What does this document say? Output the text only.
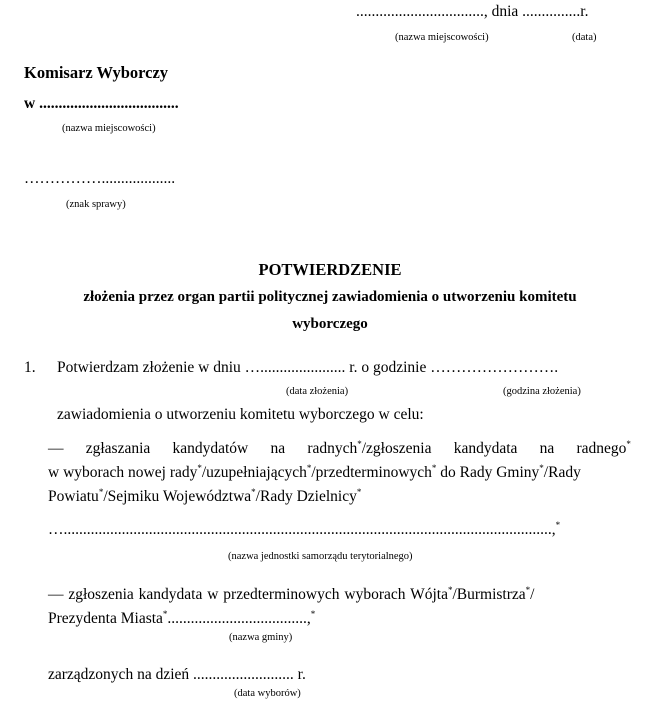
................................., dnia ...............r.
(nazwa miejscowości)	(data)
Komisarz Wyborczy
w ....................................
(nazwa miejscowości)
……………...................
(znak sprawy)
POTWIERDZENIE
złożenia przez organ partii politycznej zawiadomienia o utworzeniu komitetu
wyborczego
1. Potwierdzam złożenie w dniu …...................... r. o godzinie …………………….
(data złożenia)	(godzina złożenia)
zawiadomienia o utworzeniu komitetu wyborczego w celu:
— zgłaszania kandydatów na radnych*/zgłoszenia kandydata na radnego*
w wyborach nowej rady*/uzupełniających*/przedterminowych* do Rady Gminy*/Rady
Powiatu*/Sejmiku Województwa*/Rady Dzielnicy*
…..............................................................................................................................,*
(nazwa jednostki samorządu terytorialnego)
— zgłoszenia kandydata w przedterminowych wyborach Wójta*/Burmistrza*/
Prezydenta Miasta*....................................,*
(nazwa gminy)
zarządzonych na dzień .......................... r.
(data wyborów)
